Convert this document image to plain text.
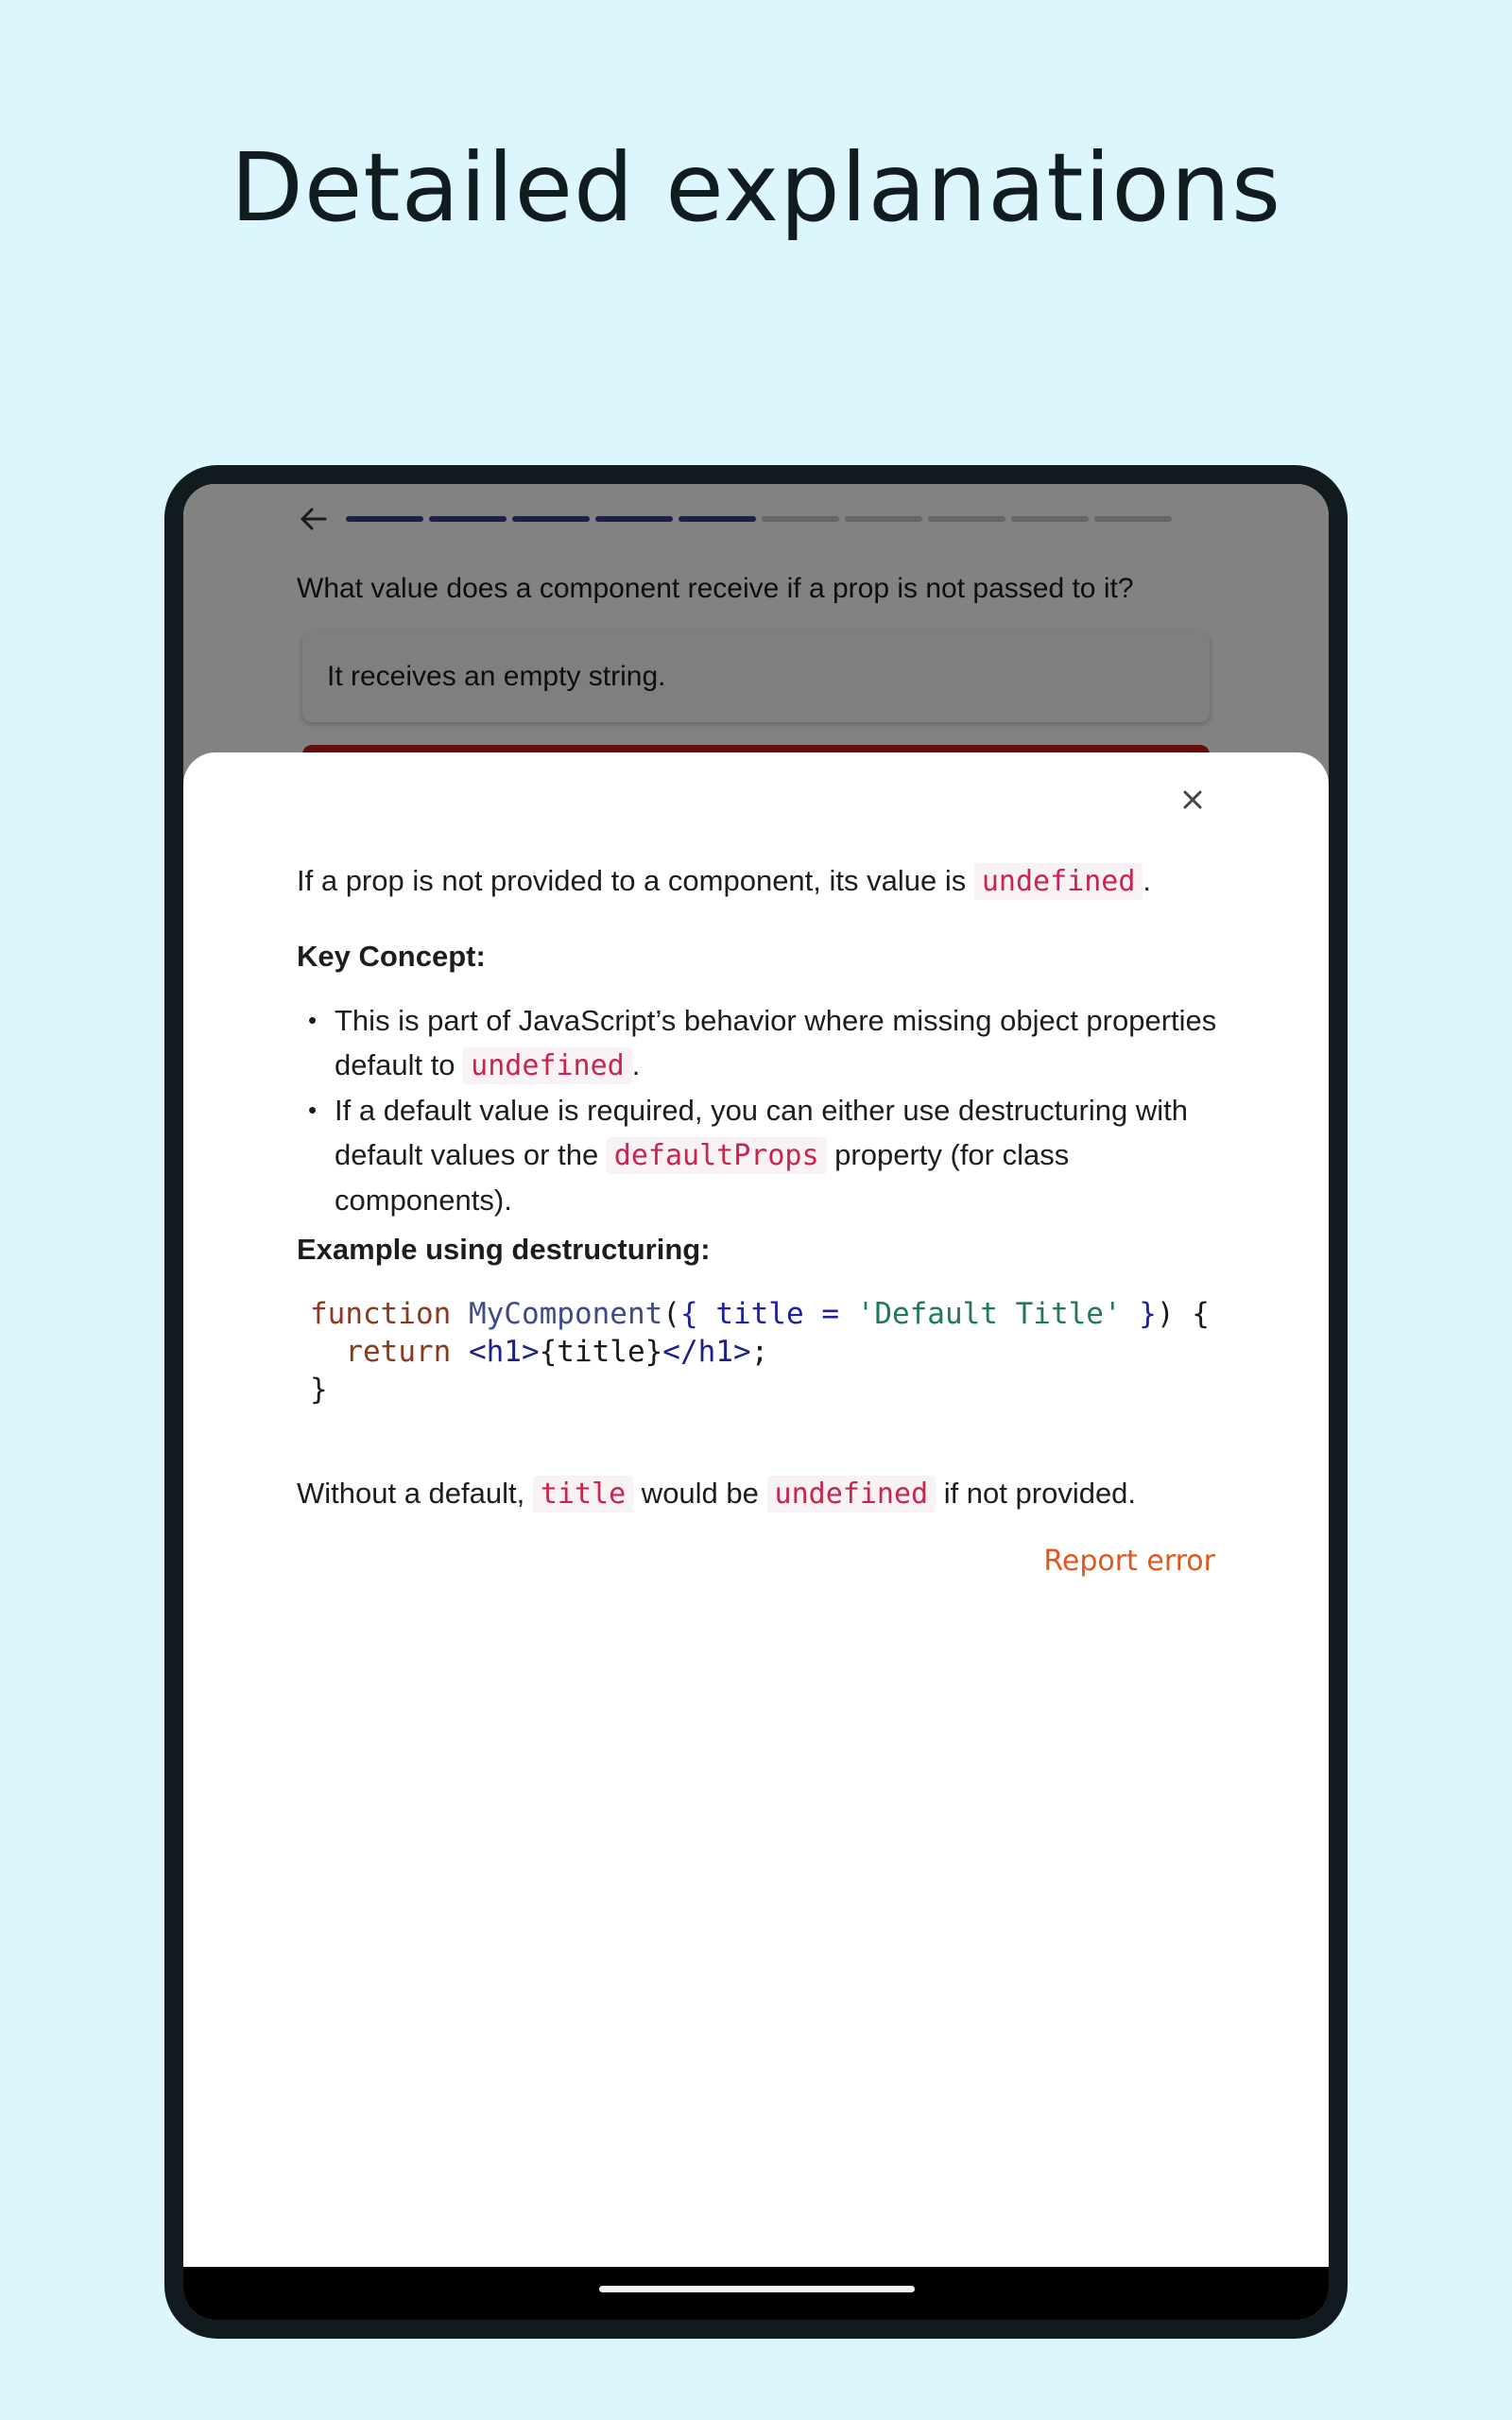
Detailed explanations
What value does a component receive if a prop is not passed to it?
It receives an empty string.
If a prop is not provided to a component, its value is undefined .
Key Concept:
• This is part of JavaScript’s behavior where missing object properties default to undefined .
• If a default value is required, you can either use destructuring with default values or the defaultProps property (for class components).
Example using destructuring:
function MyComponent({ title = 'Default Title' }) {
return <h1>{title}</h1>;
}
Without a default, title would be undefined if not provided.
Report error
